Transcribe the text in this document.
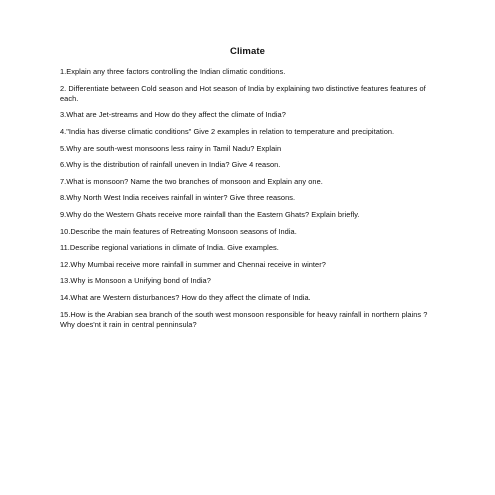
Climate
1.Explain any three factors controlling the Indian climatic conditions.
2. Differentiate between Cold season and Hot season of India by explaining two distinctive features features of each.
3.What are Jet-streams and How do they affect the climate of India?
4."India has diverse climatic conditions" Give 2 examples in relation to temperature and precipitation.
5.Why are south-west monsoons less rainy in Tamil Nadu? Explain
6.Why is the distribution of rainfall uneven in India? Give 4 reason.
7.What is monsoon? Name the two branches of monsoon and Explain any one.
8.Why North West India receives rainfall in winter? Give three reasons.
9.Why do the Western Ghats receive more rainfall than the Eastern Ghats? Explain briefly.
10.Describe the main features of Retreating Monsoon seasons of India.
11.Describe regional variations in climate of India. Give examples.
12.Why Mumbai receive more rainfall in summer and Chennai receive in winter?
13.Why is Monsoon a Unifying bond of India?
14.What are Western disturbances? How do they affect the climate of India.
15.How is the Arabian sea branch of the south west monsoon responsible for heavy rainfall in northern plains ?Why does'nt it rain in central penninsula?
